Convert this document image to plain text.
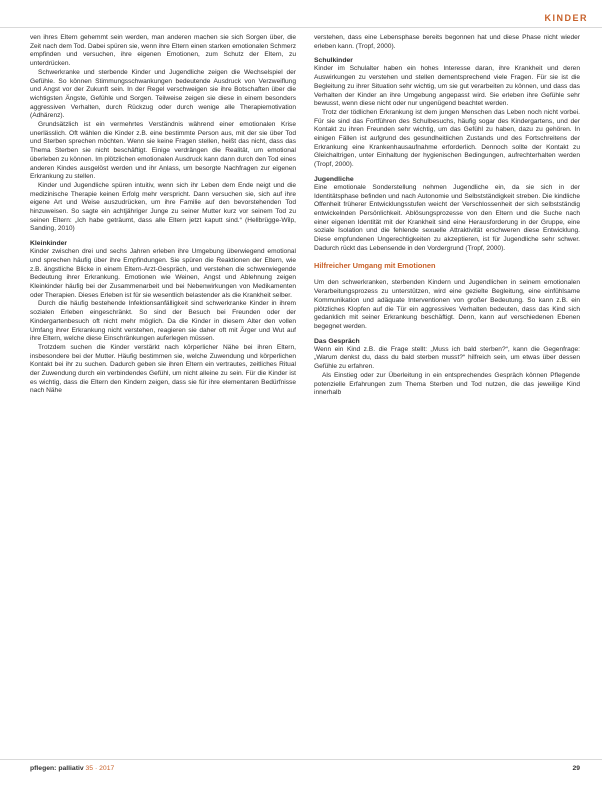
KINDER

ven ihres Eltern gehemmt sein werden, man anderen machen sie sich Sorgen über, die Zeit nach dem Tod. Dabei spüren sie, wenn ihre Eltern einen starken emotionalen Schmerz empfinden und versuchen, ihre eigenen Emotionen, zum Schutz der Eltern, zu unterdrücken.

Schwerkranke und sterbende Kinder und Jugendliche zeigen die Wechselspiel der Gefühle. So können Stimmungsschwankungen bedeutende Ausdruck von Verzweiflung und Angst vor der Zukunft sein. In der Regel verschweigen sie ihre Botschaften über die wichtigsten Ängste, Gefühle und Sorgen. Teilweise zeigen sie diese in einem besonders aggressiven Verhalten, durch Rückzug oder durch wenige alle Therapiemotivation (Adhärenz).

Grundsätzlich ist ein vermehrtes Verständnis während einer emotionalen Krise unerlässlich. Oft wählen die Kinder z.B. eine bestimmte Person aus, mit der sie über Tod und Sterben sprechen möchten. Wenn sie keine Fragen stellen, heißt das nicht, dass das Thema Sterben sie nicht beschäftigt. Einige verdrängen die Realität, um emotional überleben zu können. Im plötzlichen emotionalen Ausdruck kann dann durch den Tod eines anderen Kindes ausgelöst werden und ihr Anlass, um besorgte Nachfragen zur eigenen Erkrankung zu stellen.

Kinder und Jugendliche spüren intuitiv, wenn sich ihr Leben dem Ende neigt und die medizinische Therapie keinen Erfolg mehr verspricht. Dann versuchen sie, sich auf ihre eigene Art und Weise auszudrücken, um ihre Familie auf den bevorstehenden Tod hinzuweisen. So sagte ein achtjähriger Junge zu seiner Mutter kurz vor seinem Tod zu seinen Eltern: „Ich habe geträumt, dass alle Eltern jetzt kaputt sind.“ (Hellbrügge-Wilp, Sanding, 2010)

Kleinkinder

Kinder zwischen drei und sechs Jahren erleben ihre Umgebung überwiegend emotional und sprechen häufig über ihre Empfindungen. Sie spüren die Reaktionen der Eltern, wie z.B. ängstliche Blicke in einem Eltern-Arzt-Gespräch, und verstehen die schwerwiegende Bedeutung ihrer Erkrankung. Emotionen wie Weinen, Angst und Ablehnung zeigen Kleinkinder häufig bei der Zusammenarbeit und bei Nebenwirkungen von Medikamenten oder Therapien. Dieses Erleben ist für sie wesentlich belastender als die Krankheit selber.

Durch die häufig bestehende Infektionsanfälligkeit sind schwerkranke Kinder in ihrem sozialen Erleben eingeschränkt. So sind der Besuch bei Freunden oder der Kindergartenbesuch oft nicht mehr möglich. Da die Kinder in diesem Alter den vollen Umfang ihrer Erkrankung nicht verstehen, reagieren sie daher oft mit Ärger und Wut auf ihre Eltern, welche diese Einschränkungen auferlegen müssen.

Trotzdem suchen die Kinder verstärkt nach körperlicher Nähe bei ihren Eltern, insbesondere bei der Mutter. Häufig bestimmen sie, welche Zuwendung und körperlichen Kontakt bei ihr zu suchen. Dadurch geben sie ihren Eltern ein vertrautes, zeitliches Ritual der Zuwendung durch ein verbindendes Gefühl, um nicht alleine zu sein. Für die Kinder ist es wichtig, dass die Eltern den Kindern zeigen, dass sie für ihre elementaren Bedürfnisse nach Nähe

verstehen, dass eine Lebensphase bereits begonnen hat und diese Phase nicht wieder erleben kann. (Tropf, 2000).

Schulkinder

Kinder im Schulalter haben ein hohes Interesse daran, ihre Krankheit und deren Auswirkungen zu verstehen und stellen dementsprechend viele Fragen. Für sie ist die Begleitung zu ihrer Situation sehr wichtig, um sie gut verarbeiten zu können, und dass das Verhalten der Kinder an ihre Umgebung angepasst wird. Sie erleben ihre Gefühle sehr bewusst, wenn diese nicht oder nur ungenügend beachtet werden.

Trotz der tödlichen Erkrankung ist dem jungen Menschen das Leben noch nicht vorbei. Für sie sind das Fortführen des Schulbesuchs, häufig sogar des Kindergartens, und der Kontakt zu ihren Freunden sehr wichtig, um das Gefühl zu haben, dazu zu gehören. In einigen Fällen ist aufgrund des gesundheitlichen Zustands und des Fortschreitens der Erkrankung eine Krankenhausaufnahme erforderlich. Dennoch sollte der Kontakt zu Gleichaltrigen, unter Einhaltung der hygienischen Bedingungen, aufrechterhalten werden (Tropf, 2000).

Jugendliche

Eine emotionale Sonderstellung nehmen Jugendliche ein, da sie sich in der Identitätsphase befinden und nach Autonomie und Selbstständigkeit streben. Die kindliche Offenheit früherer Entwicklungsstufen weicht der Verschlossenheit der sich selbstständig entwickelnden Persönlichkeit. Ablösungsprozesse von den Eltern und die Suche nach einer eigenen Identität mit der Krankheit sind eine Herausforderung in der Gruppe, eine soziale Isolation und die fehlende sexuelle Attraktivität erschweren diese Entwicklung. Diese empfundenen Ungerechtigkeiten zu akzeptieren, ist für Jugendliche sehr schwer. Dadurch rückt das Lebensende in den Vordergrund (Tropf, 2000).

Hilfreicher Umgang mit Emotionen

Um den schwerkranken, sterbenden Kindern und Jugendlichen in seinem emotionalen Verarbeitungsprozess zu unterstützen, wird eine gezielte Begleitung, eine einfühlsame Kommunikation und adäquate Interventionen von großer Bedeutung. So kann z.B. ein plötzliches Klopfen auf die Tür ein aggressives Verhalten bedeuten, dass das Kind sich gedanklich mit seiner Erkrankung beschäftigt. Denn, kann auf verschiedenen Ebenen begegnet werden.

Das Gespräch

Wenn ein Kind z.B. die Frage stellt: „Muss ich bald sterben?“, kann die Gegenfrage: „Warum denkst du, dass du bald sterben musst?“ hilfreich sein, um etwas über dessen Gefühle zu erfahren.

Als Einstieg oder zur Überleitung in ein entsprechendes Gespräch können Pflegende potenzielle Erfahrungen zum Thema Sterben und Tod nutzen, die das jeweilige Kind innerhalb

pflegen: palliativ 35 · 2017	29
